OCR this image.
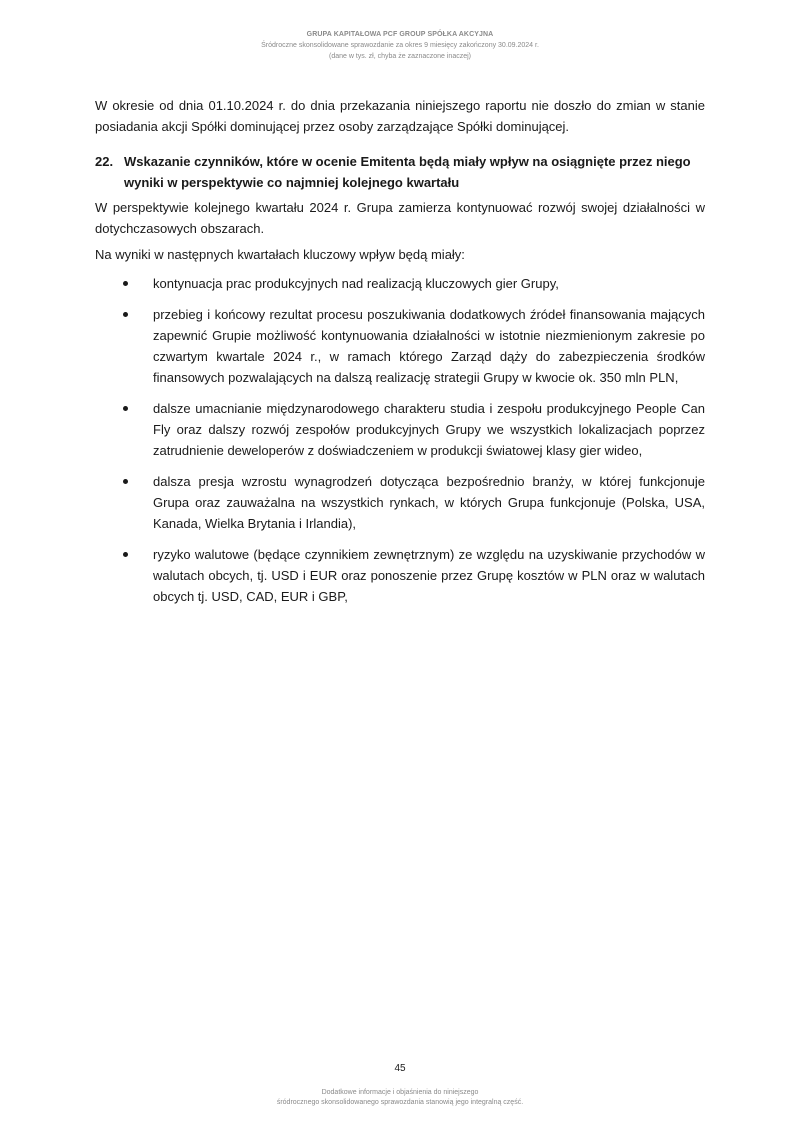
GRUPA KAPITAŁOWA PCF GROUP SPÓŁKA AKCYJNA
Śródroczne skonsolidowane sprawozdanie za okres 9 miesięcy zakończony 30.09.2024 r.
(dane w tys. zł, chyba że zaznaczone inaczej)

W okresie od dnia 01.10.2024 r. do dnia przekazania niniejszego raportu nie doszło do zmian w stanie posiadania akcji Spółki dominującej przez osoby zarządzające Spółki dominującej.

22. Wskazanie czynników, które w ocenie Emitenta będą miały wpływ na osiągnięte przez niego wyniki w perspektywie co najmniej kolejnego kwartału

W perspektywie kolejnego kwartału 2024 r. Grupa zamierza kontynuować rozwój swojej działalności w dotychczasowych obszarach.

Na wyniki w następnych kwartałach kluczowy wpływ będą miały:

kontynuacja prac produkcyjnych nad realizacją kluczowych gier Grupy,
przebieg i końcowy rezultat procesu poszukiwania dodatkowych źródeł finansowania mających zapewnić Grupie możliwość kontynuowania działalności w istotnie niezmienionym zakresie po czwartym kwartale 2024 r., w ramach którego Zarząd dąży do zabezpieczenia środków finansowych pozwalających na dalszą realizację strategii Grupy w kwocie ok. 350 mln PLN,
dalsze umacnianie międzynarodowego charakteru studia i zespołu produkcyjnego People Can Fly oraz dalszy rozwój zespołów produkcyjnych Grupy we wszystkich lokalizacjach poprzez zatrudnienie deweloperów z doświadczeniem w produkcji światowej klasy gier wideo,
dalsza presja wzrostu wynagrodzeń dotycząca bezpośrednio branży, w której funkcjonuje Grupa oraz zauważalna na wszystkich rynkach, w których Grupa funkcjonuje (Polska, USA, Kanada, Wielka Brytania i Irlandia),
ryzyko walutowe (będące czynnikiem zewnętrznym) ze względu na uzyskiwanie przychodów w walutach obcych, tj. USD i EUR oraz ponoszenie przez Grupę kosztów w PLN oraz w walutach obcych tj. USD, CAD, EUR i GBP,
45
Dodatkowe informacje i objaśnienia do niniejszego
śródrocznego skonsolidowanego sprawozdania stanowią jego integralną część.
